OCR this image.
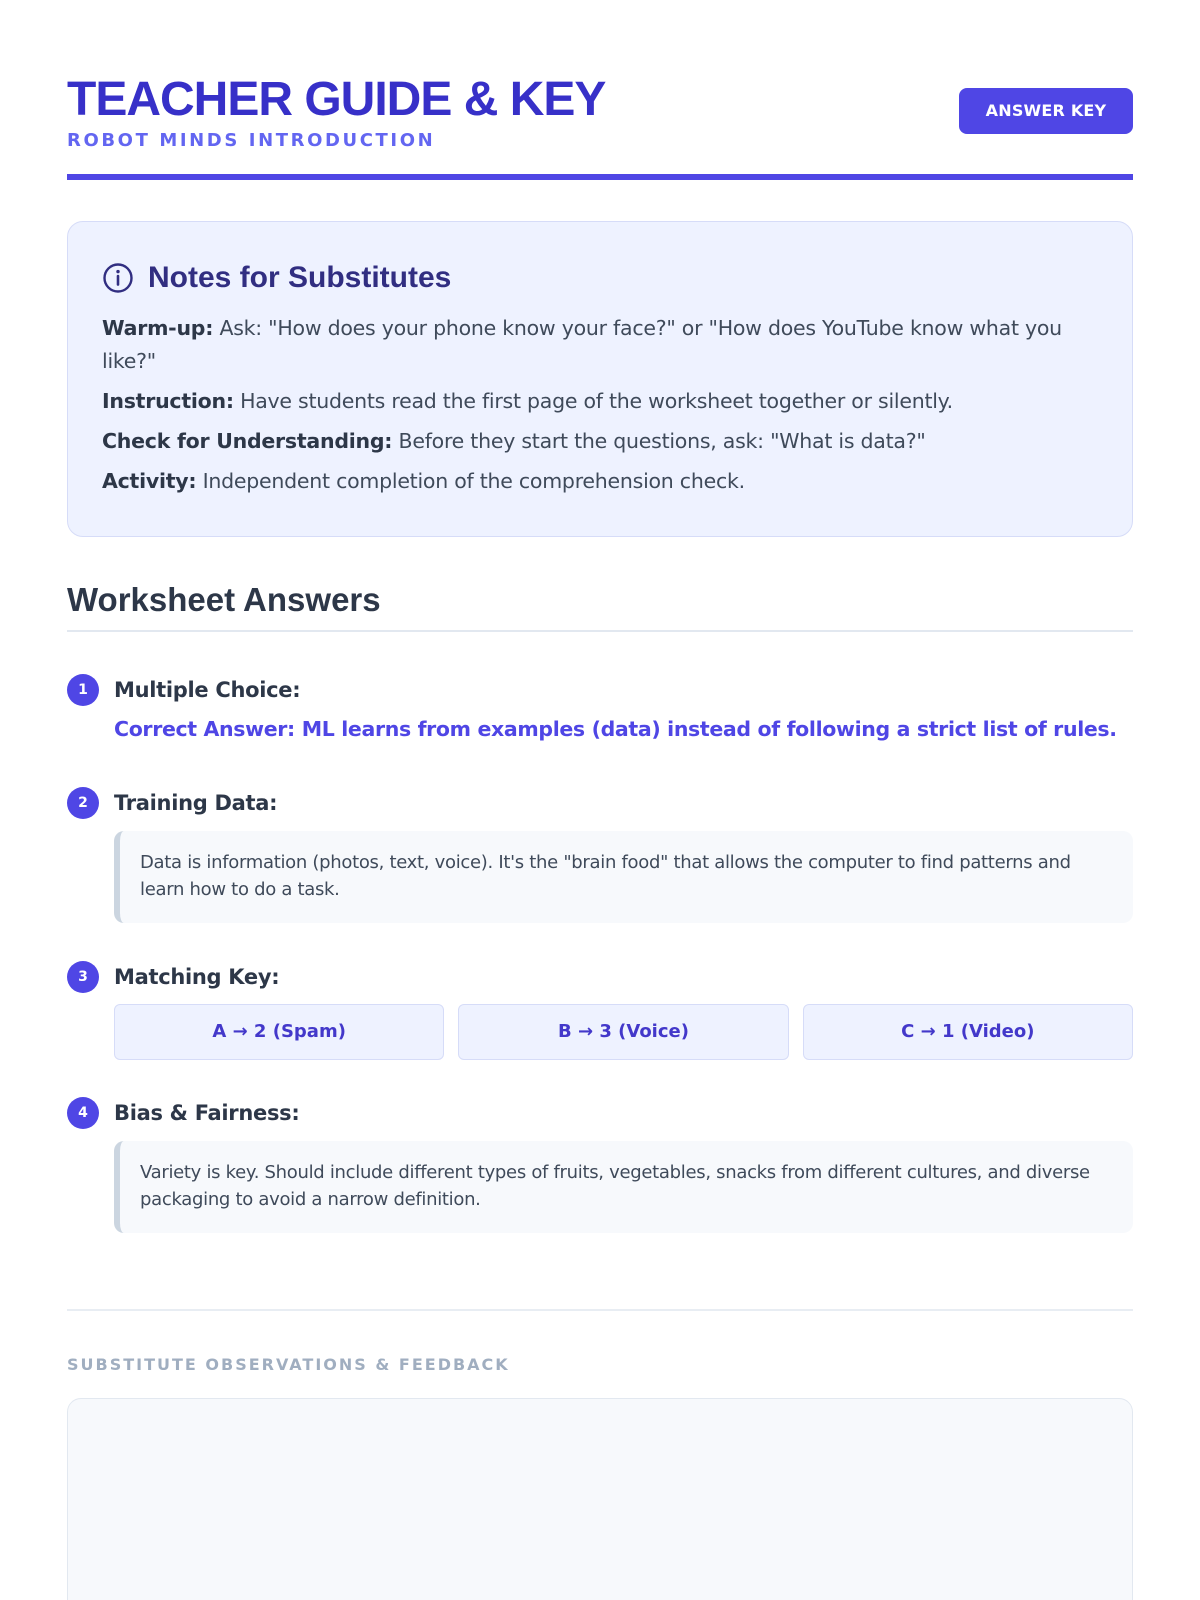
TEACHER GUIDE & KEY
ROBOT MINDS INTRODUCTION
ANSWER KEY
Notes for Substitutes
Warm-up: Ask: "How does your phone know your face?" or "How does YouTube know what you like?"
Instruction: Have students read the first page of the worksheet together or silently.
Check for Understanding: Before they start the questions, ask: "What is data?"
Activity: Independent completion of the comprehension check.
Worksheet Answers
1	Multiple Choice:
Correct Answer: ML learns from examples (data) instead of following a strict list of rules.
2	Training Data:
Data is information (photos, text, voice). It's the "brain food" that allows the computer to find patterns and learn how to do a task.
3	Matching Key:
A → 2 (Spam)	B → 3 (Voice)	C → 1 (Video)
4	Bias & Fairness:
Variety is key. Should include different types of fruits, vegetables, snacks from different cultures, and diverse packaging to avoid a narrow definition.
SUBSTITUTE OBSERVATIONS & FEEDBACK
